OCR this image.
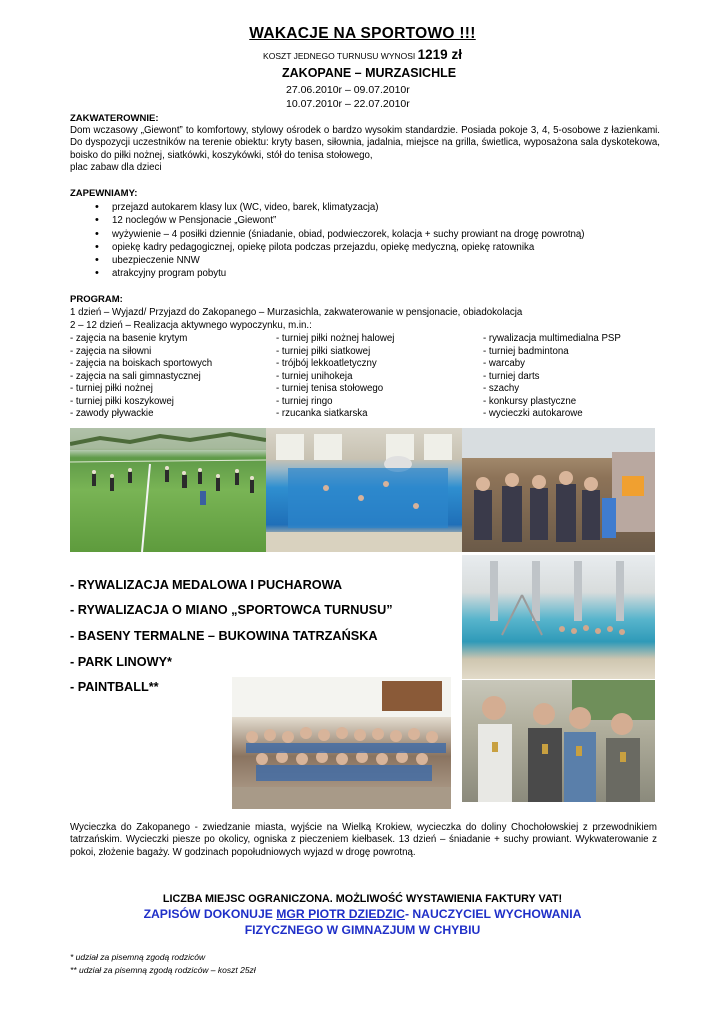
WAKACJE NA SPORTOWO !!!
KOSZT JEDNEGO TURNUSU WYNOSI 1219 zł
ZAKOPANE – MURZASICHLE
27.06.2010r – 09.07.2010r
10.07.2010r – 22.07.2010r
ZAKWATEROWNIE:
Dom wczasowy „Giewont” to komfortowy, stylowy ośrodek o bardzo wysokim standardzie. Posiada pokoje 3, 4, 5-osobowe z łazienkami. Do dyspozycji uczestników na terenie obiektu: kryty basen, siłownia, jadalnia, miejsce na grilla, świetlica, wyposażona sala dyskotekowa, boisko do piłki nożnej, siatkówki, koszykówki, stół do tenisa stołowego,
plac zabaw dla dzieci
ZAPEWNIAMY:
• przejazd autokarem klasy lux (WC, video, barek, klimatyzacja)
• 12 noclegów w Pensjonacie „Giewont”
• wyżywienie – 4 posiłki dziennie (śniadanie, obiad, podwieczorek, kolacja + suchy prowiant na drogę powrotną)
• opiekę kadry pedagogicznej, opiekę pilota podczas przejazdu, opiekę medyczną, opiekę ratownika
• ubezpieczenie NNW
• atrakcyjny program pobytu
PROGRAM:
1 dzień – Wyjazd/ Przyjazd do Zakopanego – Murzasichla, zakwaterowanie w pensjonacie, obiadokolacja
2 – 12 dzień – Realizacja aktywnego wypoczynku, m.in.:
- zajęcia na basenie krytym
- zajęcia na siłowni
- zajęcia na boiskach sportowych
- zajęcia na sali gimnastycznej
- turniej piłki nożnej
- turniej piłki koszykowej
- zawody pływackie
- turniej piłki nożnej halowej
- turniej piłki siatkowej
- trójbój lekkoatletyczny
- turniej unihokeja
- turniej tenisa stołowego
- turniej ringo
- rzucanka siatkarska
- rywalizacja multimedialna PSP
- turniej badmintona
- warcaby
- turniej darts
- szachy
- konkursy plastyczne
- wycieczki autokarowe
- RYWALIZACJA MEDALOWA I PUCHAROWA
- RYWALIZACJA O MIANO „SPORTOWCA TURNUSU”
- BASENY TERMALNE – BUKOWINA TATRZAŃSKA
- PARK LINOWY*
- PAINTBALL**
Wycieczka do Zakopanego - zwiedzanie miasta, wyjście na Wielką Krokiew, wycieczka do doliny Chochołowskiej z przewodnikiem tatrzańskim. Wycieczki piesze po okolicy, ogniska z pieczeniem kiełbasek. 13 dzień – śniadanie + suchy prowiant. Wykwaterowanie z pokoi, złożenie bagaży. W godzinach popołudniowych wyjazd w drogę powrotną.
LICZBA MIEJSC OGRANICZONA. MOŻLIWOŚĆ WYSTAWIENIA FAKTURY VAT!
ZAPISÓW DOKONUJE MGR PIOTR DZIEDZIC- NAUCZYCIEL WYCHOWANIA
FIZYCZNEGO W GIMNAZJUM W CHYBIU
* udział za pisemną zgodą rodziców
** udział za pisemną zgodą rodziców – koszt 25zł
